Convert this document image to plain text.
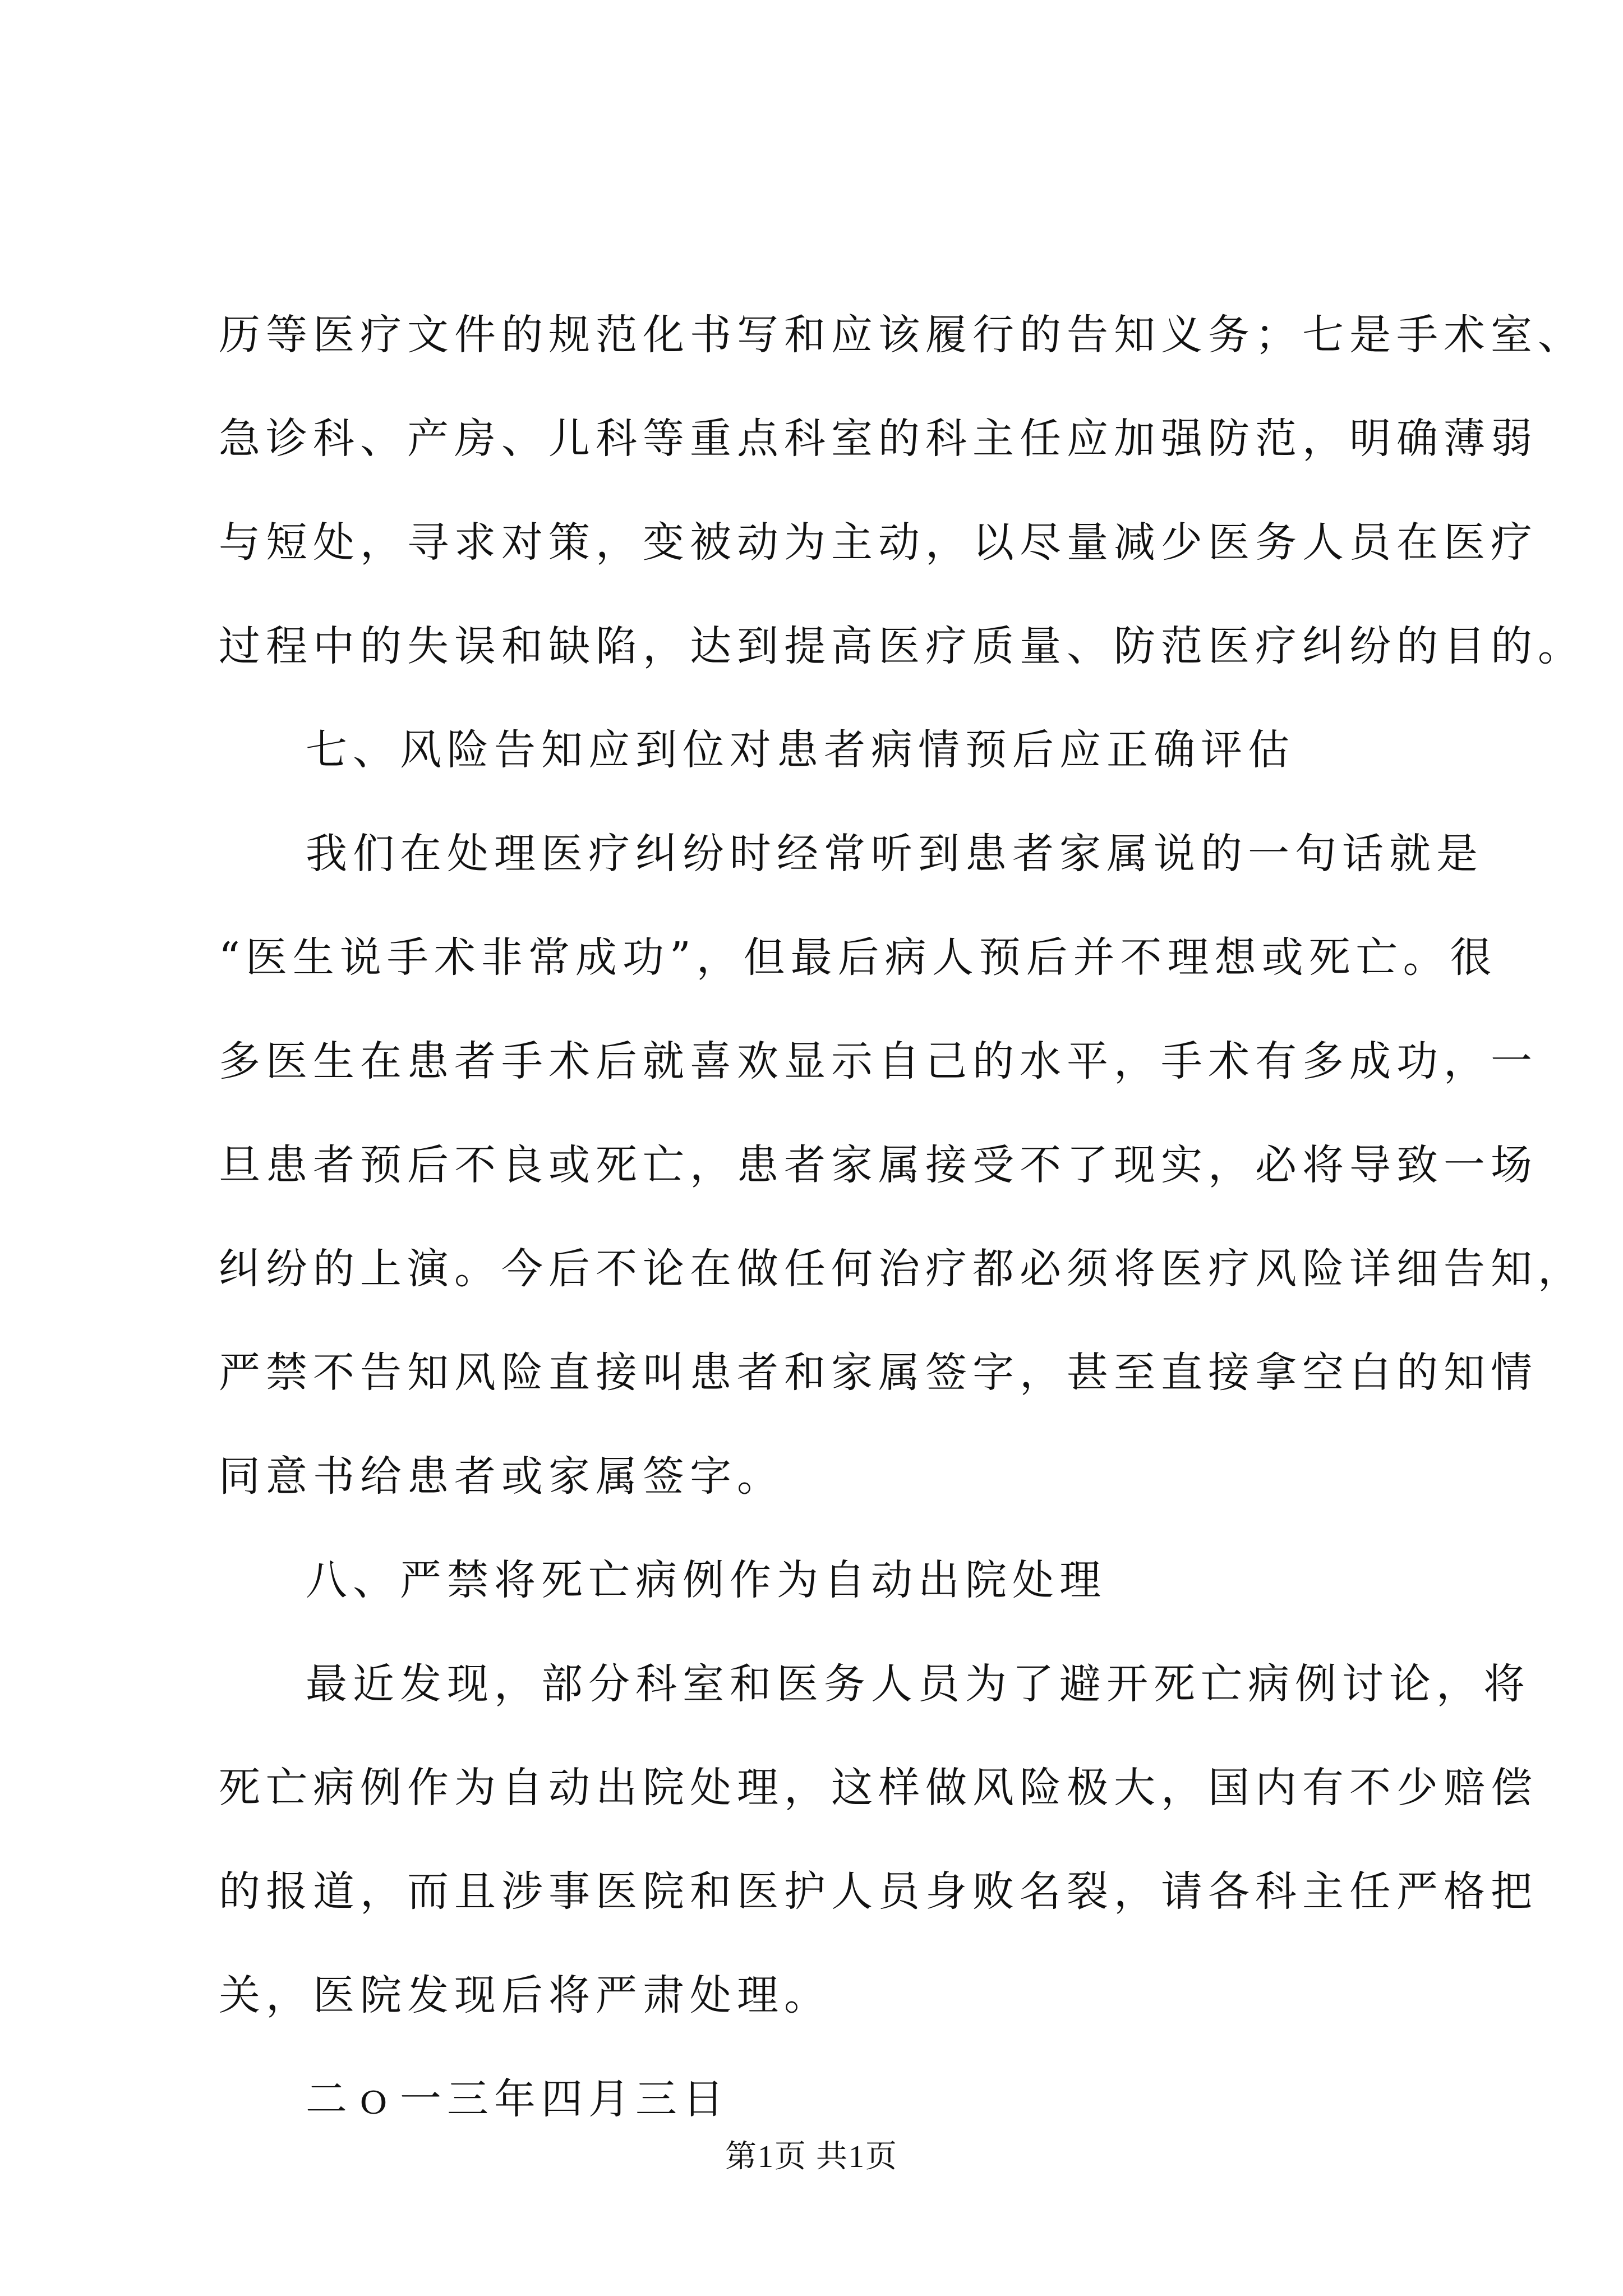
历等医疗文件的规范化书写和应该履行的告知义务；七是手术室、
急诊科、产房、儿科等重点科室的科主任应加强防范，明确薄弱
与短处，寻求对策，变被动为主动，以尽量减少医务人员在医疗
过程中的失误和缺陷，达到提高医疗质量、防范医疗纠纷的目的。
七、风险告知应到位对患者病情预后应正确评估
我们在处理医疗纠纷时经常听到患者家属说的一句话就是
“医生说手术非常成功”，但最后病人预后并不理想或死亡。很
多医生在患者手术后就喜欢显示自己的水平，手术有多成功，一
旦患者预后不良或死亡，患者家属接受不了现实，必将导致一场
纠纷的上演。今后不论在做任何治疗都必须将医疗风险详细告知，
严禁不告知风险直接叫患者和家属签字，甚至直接拿空白的知情
同意书给患者或家属签字。
八、严禁将死亡病例作为自动出院处理
最近发现，部分科室和医务人员为了避开死亡病例讨论，将
死亡病例作为自动出院处理，这样做风险极大，国内有不少赔偿
的报道，而且涉事医院和医护人员身败名裂，请各科主任严格把
关，医院发现后将严肃处理。
二ｏ一三年四月三日
第1页 共1页
